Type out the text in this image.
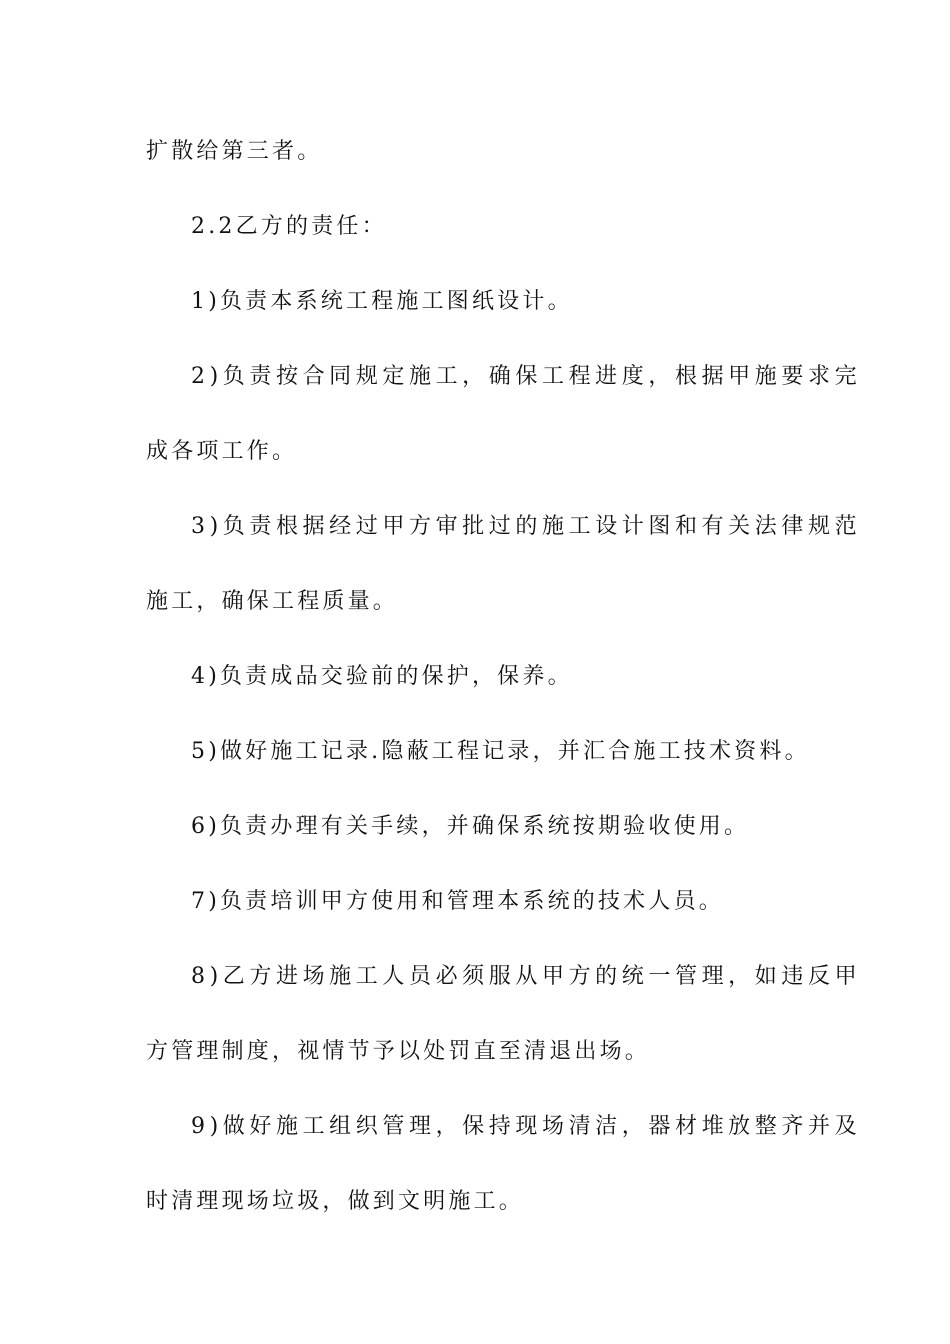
扩散给第三者。
2.2乙方的责任：
1)负责本系统工程施工图纸设计。
2)负责按合同规定施工，确保工程进度，根据甲施要求完
成各项工作。
3)负责根据经过甲方审批过的施工设计图和有关法律规范
施工，确保工程质量。
4)负责成品交验前的保护，保养。
5)做好施工记录.隐蔽工程记录，并汇合施工技术资料。
6)负责办理有关手续，并确保系统按期验收使用。
7)负责培训甲方使用和管理本系统的技术人员。
8)乙方进场施工人员必须服从甲方的统一管理，如违反甲
方管理制度，视情节予以处罚直至清退出场。
9)做好施工组织管理，保持现场清洁，器材堆放整齐并及
时清理现场垃圾，做到文明施工。
